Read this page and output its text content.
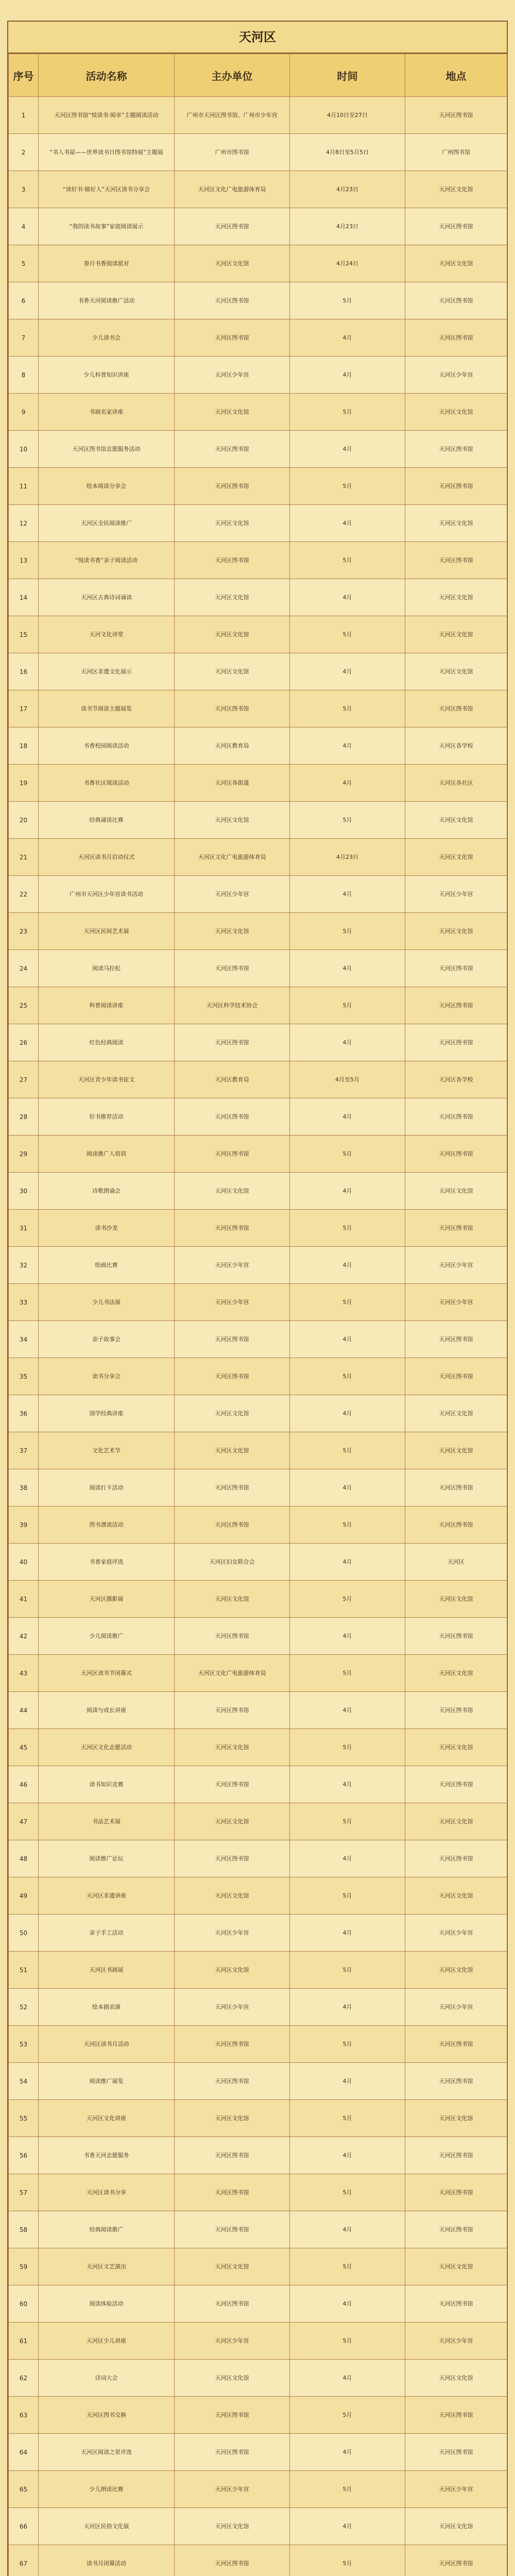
天河区
序号	活动名称	主办单位	时间	地点
1	天河区图书馆“悦读书·阅享”主题阅读活动	广州市天河区图书馆、广州市少年宫	4月10日至27日	天河区图书馆
2	“书人书屋——世界读书日图书馆特展”主题展	广州市图书馆	4月8日至5月5日	广州图书馆
3	“读好书·做好人”天河区读书分享会	天河区文化广电旅游体育局	4月23日	天河区文化馆
4	“我的读书故事”家庭阅读展示	天河区图书馆	4月23日	天河区图书馆
5	春日书香阅读派对	天河区文化馆	4月24日	天河区文化馆
6	书香天河阅读推广活动	天河区图书馆	5月	天河区图书馆
7	少儿读书会	天河区图书馆	4月	天河区图书馆
8	少儿科普知识讲座	天河区少年宫	4月	天河区少年宫
9	书画名家讲座	天河区文化馆	5月	天河区文化馆
10	天河区图书馆志愿服务活动	天河区图书馆	4月	天河区图书馆
11	绘本阅读分享会	天河区图书馆	5月	天河区图书馆
12	天河区全民阅读推广	天河区文化馆	4月	天河区文化馆
13	“悦读书香”亲子阅读活动	天河区图书馆	5月	天河区图书馆
14	天河区古典诗词诵读	天河区文化馆	4月	天河区文化馆
15	天河文化讲堂	天河区文化馆	5月	天河区文化馆
16	天河区非遗文化展示	天河区文化馆	4月	天河区文化馆
17	读书节阅读主题展览	天河区图书馆	5月	天河区图书馆
18	书香校园阅读活动	天河区教育局	4月	天河区各学校
19	书香社区阅读活动	天河区各街道	4月	天河区各社区
20	经典诵读比赛	天河区文化馆	5月	天河区文化馆
21	天河区读书月启动仪式	天河区文化广电旅游体育局	4月23日	天河区文化馆
22	广州市天河区少年宫读书活动	天河区少年宫	4月	天河区少年宫
23	天河区民间艺术展	天河区文化馆	5月	天河区文化馆
24	阅读马拉松	天河区图书馆	4月	天河区图书馆
25	科普阅读讲座	天河区科学技术协会	5月	天河区图书馆
26	红色经典阅读	天河区图书馆	4月	天河区图书馆
27	天河区青少年读书征文	天河区教育局	4月至5月	天河区各学校
28	好书推荐活动	天河区图书馆	4月	天河区图书馆
29	阅读推广人培训	天河区图书馆	5月	天河区图书馆
30	诗歌朗诵会	天河区文化馆	4月	天河区文化馆
31	读书沙龙	天河区图书馆	5月	天河区图书馆
32	绘画比赛	天河区少年宫	4月	天河区少年宫
33	少儿书法展	天河区少年宫	5月	天河区少年宫
34	亲子故事会	天河区图书馆	4月	天河区图书馆
35	读书分享会	天河区图书馆	5月	天河区图书馆
36	国学经典讲座	天河区文化馆	4月	天河区文化馆
37	文化艺术节	天河区文化馆	5月	天河区文化馆
38	阅读打卡活动	天河区图书馆	4月	天河区图书馆
39	图书漂流活动	天河区图书馆	5月	天河区图书馆
40	书香家庭评选	天河区妇女联合会	4月	天河区
41	天河区摄影展	天河区文化馆	5月	天河区文化馆
42	少儿阅读推广	天河区图书馆	4月	天河区图书馆
43	天河区读书节闭幕式	天河区文化广电旅游体育局	5月	天河区文化馆
44	阅读与成长讲座	天河区图书馆	4月	天河区图书馆
45	天河区文化志愿活动	天河区文化馆	5月	天河区文化馆
46	读书知识竞赛	天河区图书馆	4月	天河区图书馆
47	书法艺术展	天河区文化馆	5月	天河区文化馆
48	阅读推广论坛	天河区图书馆	4月	天河区图书馆
49	天河区非遗讲座	天河区文化馆	5月	天河区文化馆
50	亲子手工活动	天河区少年宫	4月	天河区少年宫
51	天河区书画展	天河区文化馆	5月	天河区文化馆
52	绘本剧表演	天河区少年宫	4月	天河区少年宫
53	天河区读书月活动	天河区图书馆	5月	天河区图书馆
54	阅读推广展览	天河区图书馆	4月	天河区图书馆
55	天河区文化讲座	天河区文化馆	5月	天河区文化馆
56	书香天河志愿服务	天河区图书馆	4月	天河区图书馆
57	天河区读书分享	天河区图书馆	5月	天河区图书馆
58	经典阅读推广	天河区图书馆	4月	天河区图书馆
59	天河区文艺演出	天河区文化馆	5月	天河区文化馆
60	阅读体验活动	天河区图书馆	4月	天河区图书馆
61	天河区少儿讲座	天河区少年宫	5月	天河区少年宫
62	诗词大会	天河区文化馆	4月	天河区文化馆
63	天河区图书交换	天河区图书馆	5月	天河区图书馆
64	天河区阅读之星评选	天河区图书馆	4月	天河区图书馆
65	少儿朗读比赛	天河区少年宫	5月	天河区少年宫
66	天河区民俗文化展	天河区文化馆	4月	天河区文化馆
67	读书月闭幕活动	天河区图书馆	5月	天河区图书馆
